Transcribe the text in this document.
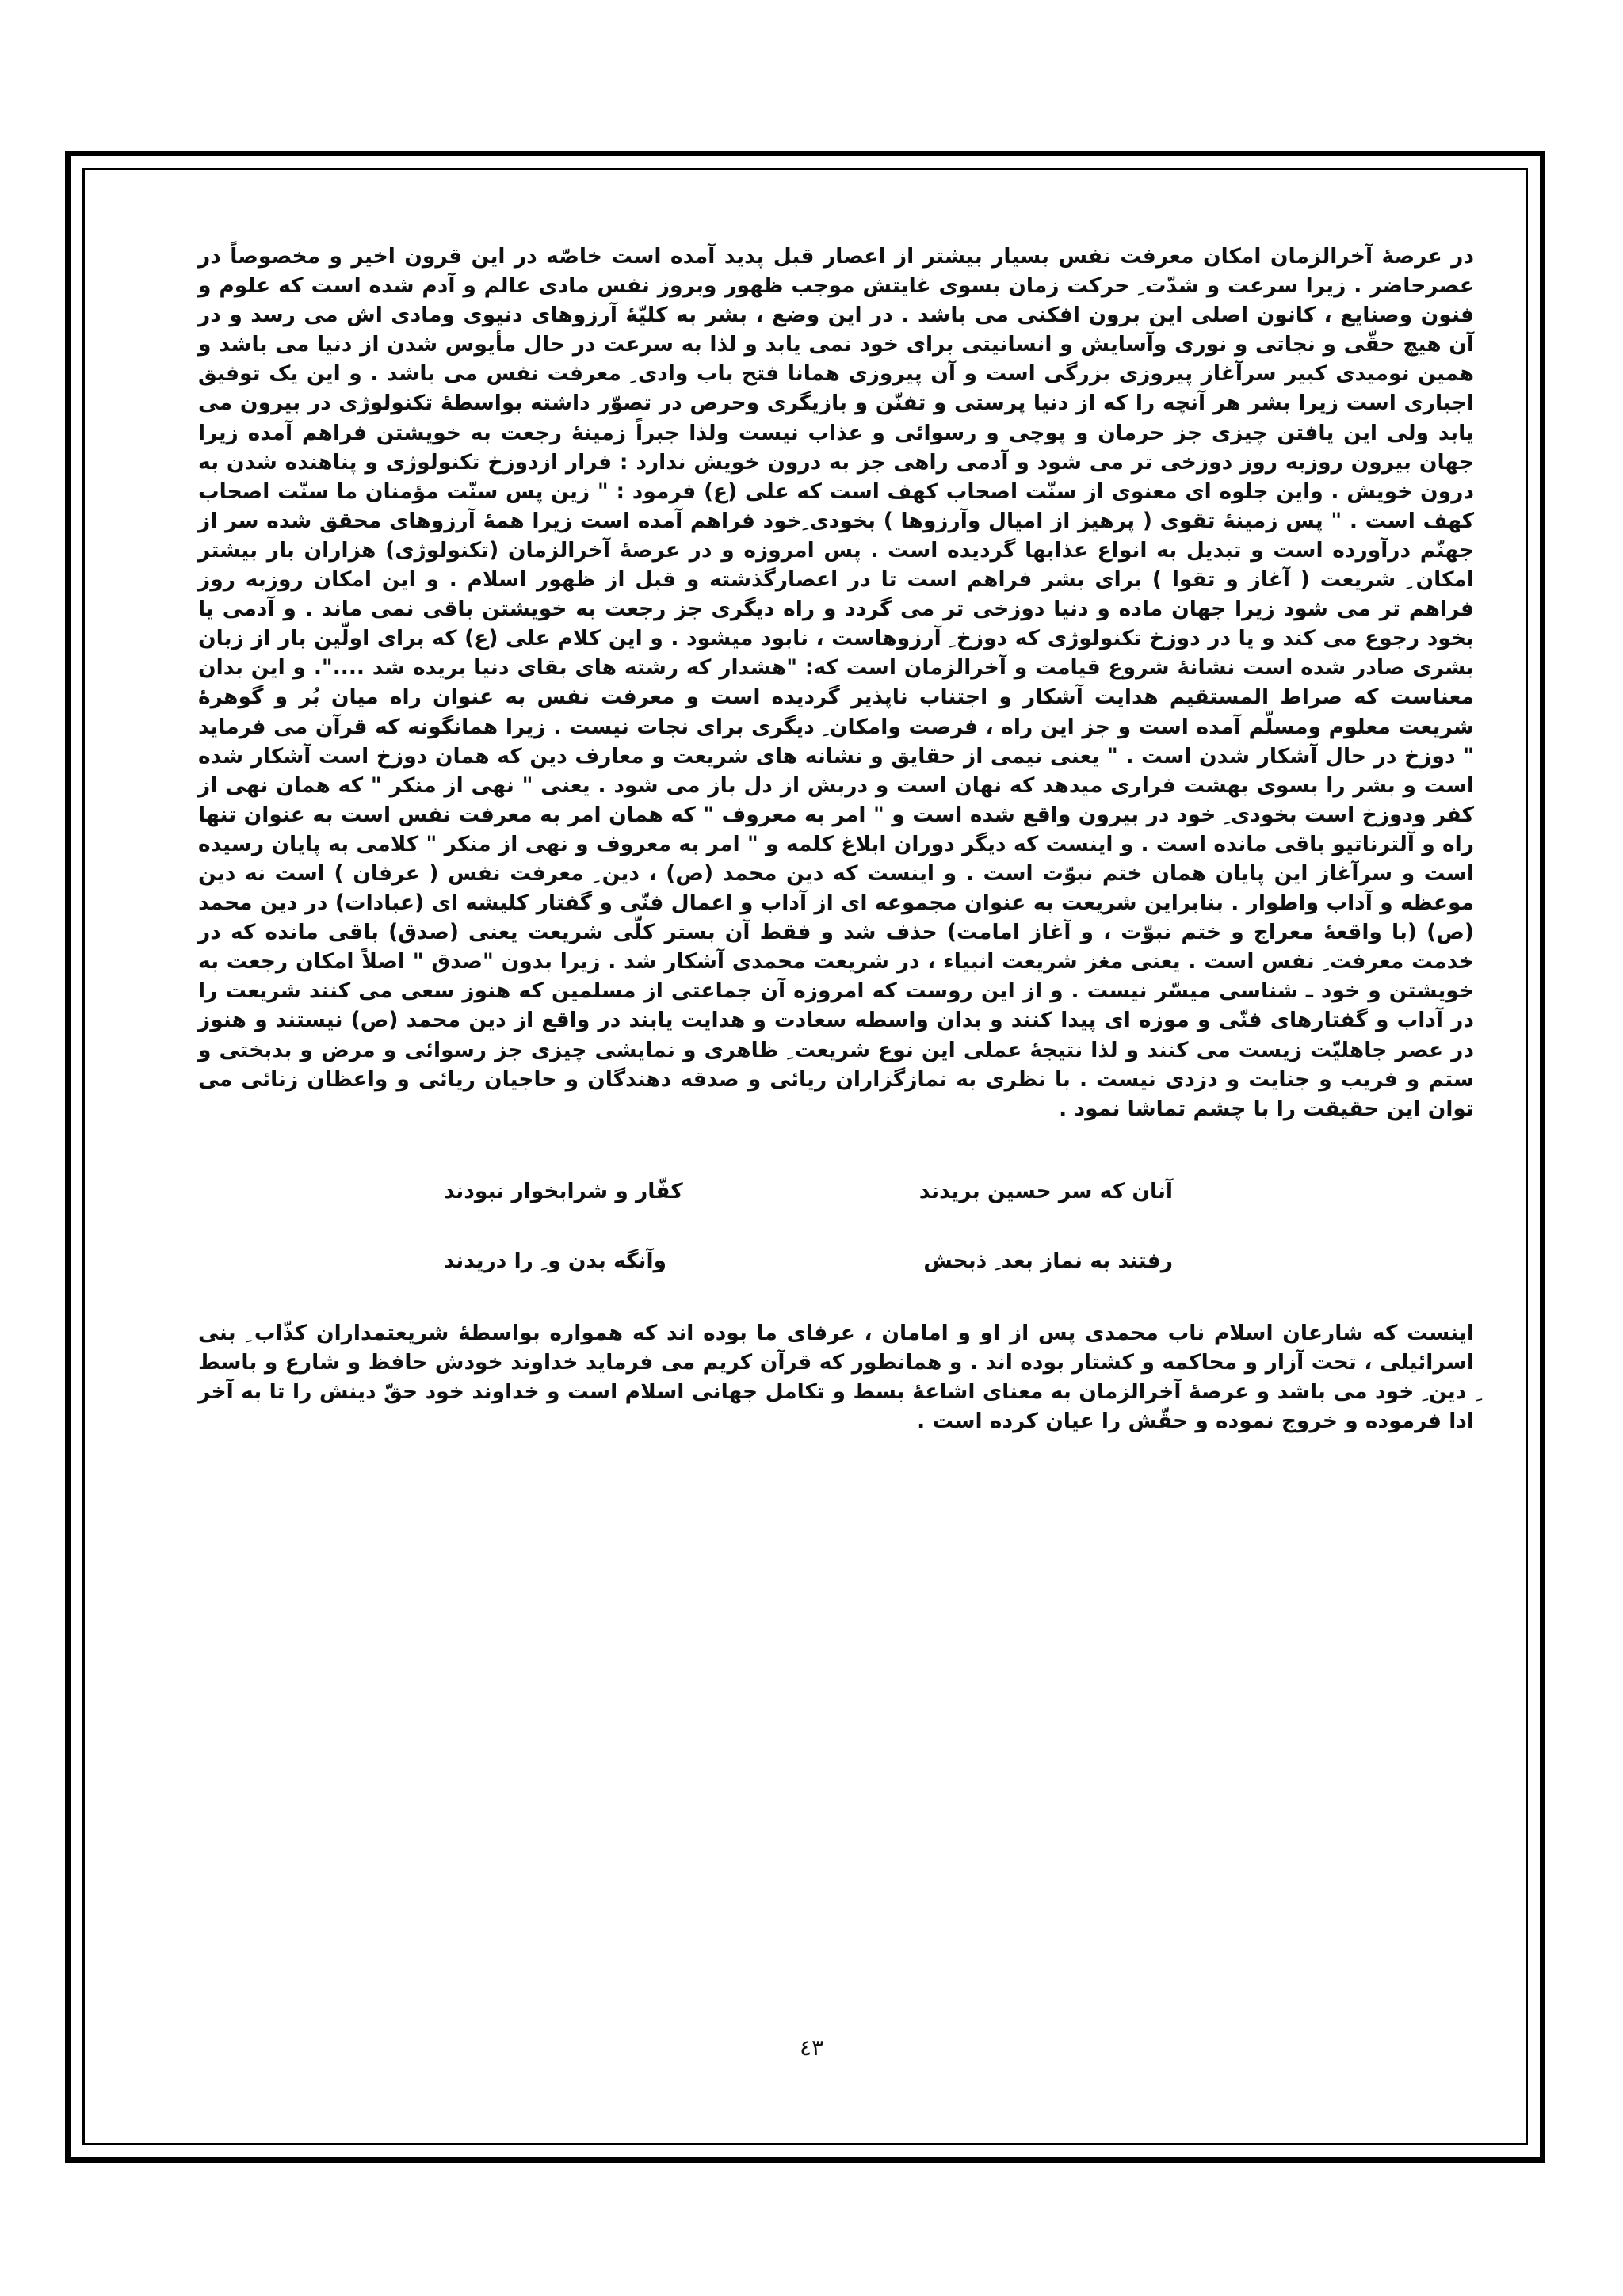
در عرصهٔ آخرالزمان امکان معرفت نفس بسیار بیشتر از اعصار قبل پدید آمده است خاصّه در این قرون اخیر و مخصوصاً در عصرحاضر . زیرا سرعت و شدّت ِ حرکت زمان بسوی غایتش موجب ظهور وبروز نفس مادی عالم و آدم شده است که علوم و فنون وصنایع ، کانون اصلی این برون افکنی می باشد . در این وضع ، بشر به کلیّهٔ آرزوهای دنیوی ومادی اش می رسد و در آن هیچ حقّی و نجاتی و نوری وآسایش و انسانیتی برای خود نمی یابد و لذا به سرعت در حال مأیوس شدن از دنیا می باشد و همین نومیدی کبیر سرآغاز پیروزی بزرگی است و آن پیروزی همانا فتح باب وادی ِ معرفت نفس می باشد . و این یک توفیق اجباری است زیرا بشر هر آنچه را که از دنیا پرستی و تفنّن و بازیگری وحرص در تصوّر داشته بواسطهٔ تکنولوژی در بیرون می یابد ولی این یافتن چیزی جز حرمان و پوچی و رسوائی و عذاب نیست ولذا جبراً زمینهٔ رجعت به خویشتن فراهم آمده زیرا جهان بیرون روزبه روز دوزخی تر می شود و آدمی راهی جز به درون خویش ندارد : فرار ازدوزخ تکنولوژی و پناهنده شدن به درون خویش . واین جلوه ای معنوی از سنّت اصحاب کهف است که علی (ع) فرمود : " زین پس سنّت مؤمنان ما سنّت اصحاب کهف است . " پس زمینهٔ تقوی ( پرهیز از امیال وآرزوها ) بخودی ِخود فراهم آمده است زیرا همهٔ آرزوهای محقق شده سر از جهنّم درآورده است و تبدیل به انواع عذابها گردیده است . پس امروزه و در عرصهٔ آخرالزمان (تکنولوژی) هزاران بار بیشتر امکان ِ شریعت ( آغاز و تقوا ) برای بشر فراهم است تا در اعصارگذشته و قبل از ظهور اسلام . و این امکان روزبه روز فراهم تر می شود زیرا جهان ماده و دنیا دوزخی تر می گردد و راه دیگری جز رجعت به خویشتن باقی نمی ماند . و آدمی یا بخود رجوع می کند و یا در دوزخ تکنولوژی که دوزخ ِ آرزوهاست ، نابود میشود . و این کلام علی (ع) که برای اولّین بار از زبان بشری صادر شده است نشانهٔ شروع قیامت و آخرالزمان است که: "هشدار که رشته های بقای دنیا بریده شد ....". و این بدان معناست که صراط المستقیم هدایت آشکار و اجتناب ناپذیر گردیده است و معرفت نفس به عنوان راه میان بُر و گوهرهٔ شریعت معلوم ومسلّم آمده است و جز این راه ، فرصت وامکان ِ دیگری برای نجات نیست . زیرا همانگونه که قرآن می فرماید " دوزخ در حال آشکار شدن است . " یعنی نیمی از حقایق و نشانه های شریعت و معارف دین که همان دوزخ است آشکار شده است و بشر را بسوی بهشت فراری میدهد که نهان است و دربش از دل باز می شود . یعنی " نهی از منکر " که همان نهی از کفر ودوزخ است بخودی ِ خود در بیرون واقع شده است و " امر به معروف " که همان امر به معرفت نفس است به عنوان تنها راه و آلترناتیو باقی مانده است . و اینست که دیگر دوران ابلاغ کلمه و " امر به معروف و نهی از منکر " کلامی به پایان رسیده است و سرآغاز این پایان همان ختم نبوّت است . و اینست که دین محمد (ص) ، دین ِ معرفت نفس ( عرفان ) است نه دین موعظه و آداب واطوار . بنابراین شریعت به عنوان مجموعه ای از آداب و اعمال فنّی و گفتار کلیشه ای (عبادات) در دین محمد (ص) (با واقعهٔ معراج و ختم نبوّت ، و آغاز امامت) حذف شد و فقط آن بستر کلّی شریعت یعنی (صدق) باقی مانده که در خدمت معرفت ِ نفس است . یعنی مغز شریعت انبیاء ، در شریعت محمدی آشکار شد . زیرا بدون "صدق " اصلاً امکان رجعت به خویشتن و خود ـ شناسی میسّر نیست . و از این روست که امروزه آن جماعتی از مسلمین که هنوز سعی می کنند شریعت را در آداب و گفتارهای فنّی و موزه ای پیدا کنند و بدان واسطه سعادت و هدایت یابند در واقع از دین محمد (ص) نیستند و هنوز در عصر جاهلیّت زیست می کنند و لذا نتیجهٔ عملی این نوع شریعت ِ ظاهری و نمایشی چیزی جز رسوائی و مرض و بدبختی و ستم و فریب و جنایت و دزدی نیست . با نظری به نمازگزاران ریائی و صدقه دهندگان و حاجیان ریائی و واعظان زنائی می توان این حقیقت را با چشم تماشا نمود .

آنان که سر حسین بریدند
کفّار و شرابخوار نبودند
رفتند به نماز بعد ِ ذبحش
وآنگه بدن و ِ را دریدند

اینست که شارعان اسلام ناب محمدی پس از او و امامان ، عرفای ما بوده اند که همواره بواسطهٔ شریعتمداران کذّاب ِ بنی اسرائیلی ، تحت آزار و محاکمه و کشتار بوده اند . و همانطور که قرآن کریم می فرماید خداوند خودش حافظ و شارع و باسط ِ دین ِ خود می باشد و عرصهٔ آخرالزمان به معنای اشاعهٔ بسط و تکامل جهانی اسلام است و خداوند خود حقّ دینش را تا به آخر ادا فرموده و خروج نموده و حقّش را عیان کرده است .

٤٣
